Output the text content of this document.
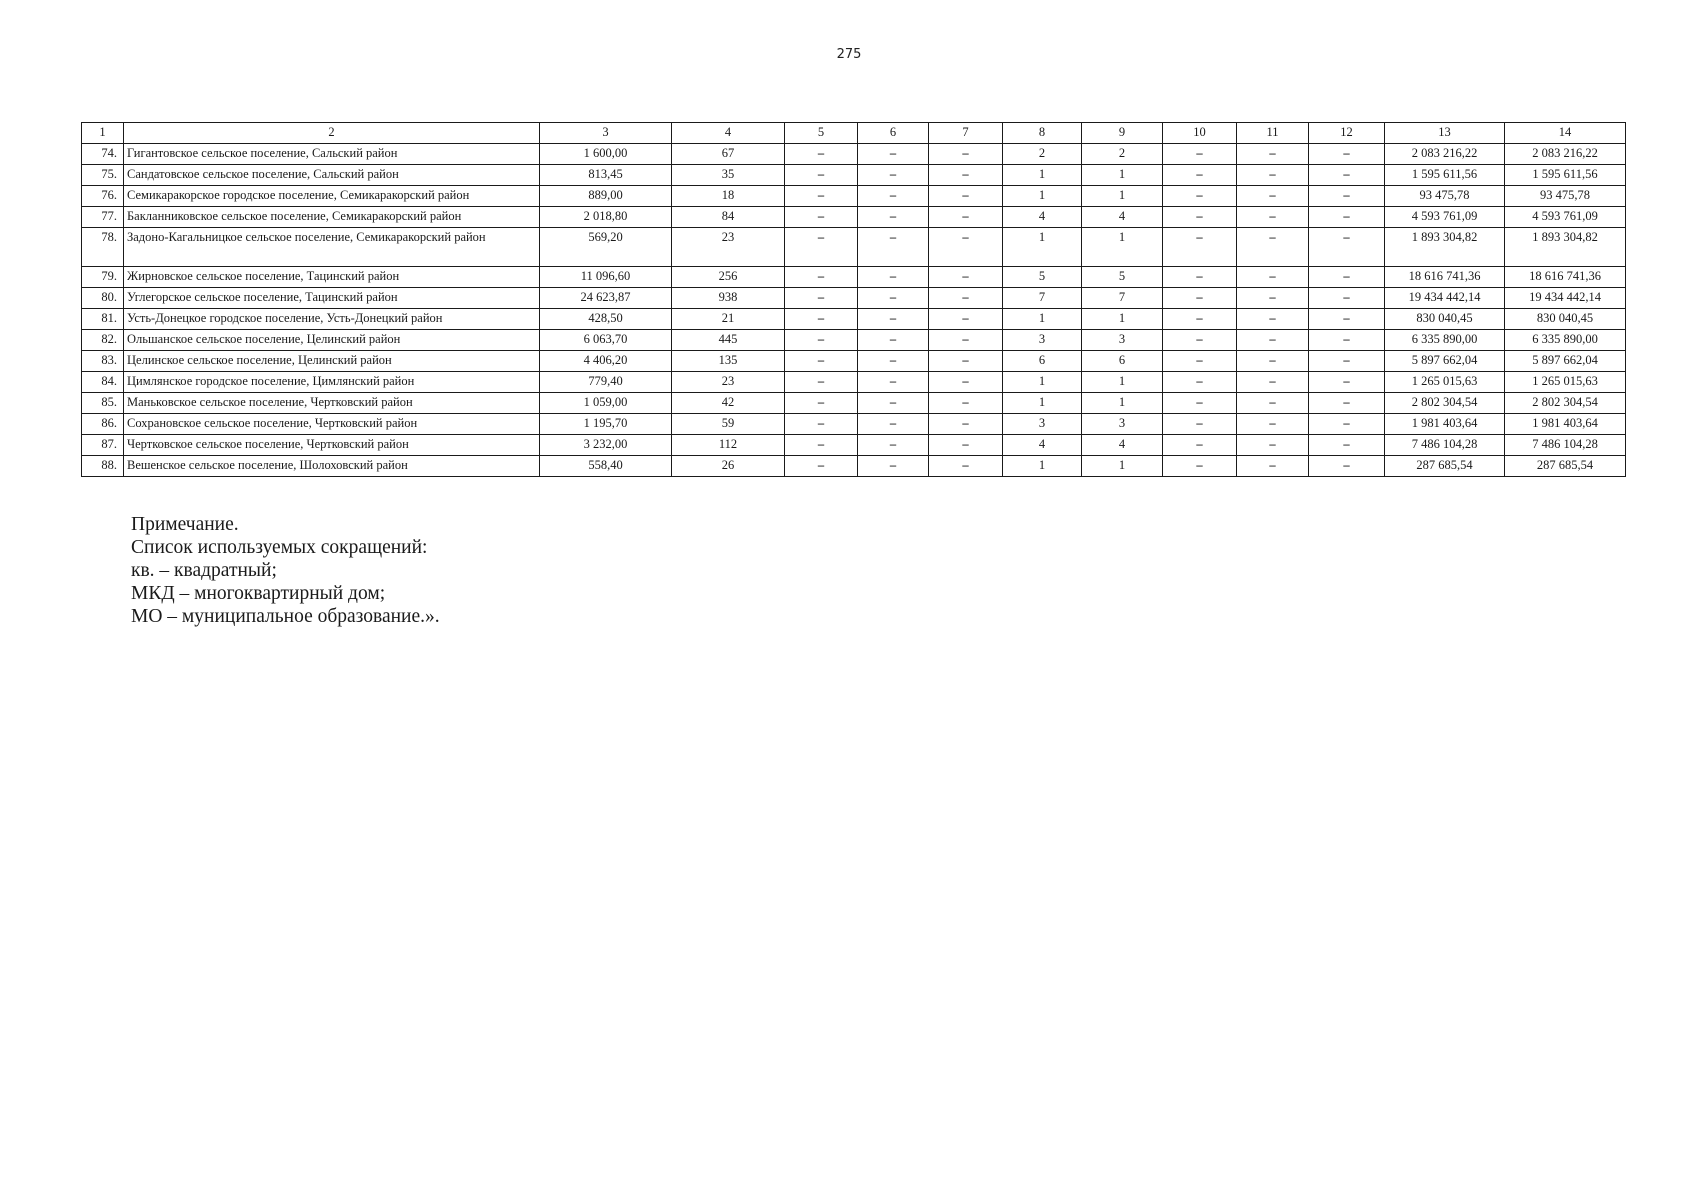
275
1	2	3	4	5	6	7	8	9	10	11	12	13	14
74.	Гигантовское сельское поселение, Сальский район	1 600,00	67	–	–	–	2	2	–	–	–	2 083 216,22	2 083 216,22
75.	Сандатовское сельское поселение, Сальский район	813,45	35	–	–	–	1	1	–	–	–	1 595 611,56	1 595 611,56
76.	Семикаракорское городское поселение, Семикаракорский район	889,00	18	–	–	–	1	1	–	–	–	93 475,78	93 475,78
77.	Бакланниковское сельское поселение, Семикаракорский район	2 018,80	84	–	–	–	4	4	–	–	–	4 593 761,09	4 593 761,09
78.	Задоно-Кагальницкое сельское поселение, Семикаракорский район	569,20	23	–	–	–	1	1	–	–	–	1 893 304,82	1 893 304,82
79.	Жирновское сельское поселение, Тацинский район	11 096,60	256	–	–	–	5	5	–	–	–	18 616 741,36	18 616 741,36
80.	Углегорское сельское поселение, Тацинский район	24 623,87	938	–	–	–	7	7	–	–	–	19 434 442,14	19 434 442,14
81.	Усть-Донецкое городское поселение, Усть-Донецкий район	428,50	21	–	–	–	1	1	–	–	–	830 040,45	830 040,45
82.	Ольшанское сельское поселение, Целинский район	6 063,70	445	–	–	–	3	3	–	–	–	6 335 890,00	6 335 890,00
83.	Целинское сельское поселение, Целинский район	4 406,20	135	–	–	–	6	6	–	–	–	5 897 662,04	5 897 662,04
84.	Цимлянское городское поселение, Цимлянский район	779,40	23	–	–	–	1	1	–	–	–	1 265 015,63	1 265 015,63
85.	Маньковское сельское поселение, Чертковский район	1 059,00	42	–	–	–	1	1	–	–	–	2 802 304,54	2 802 304,54
86.	Сохрановское сельское поселение, Чертковский район	1 195,70	59	–	–	–	3	3	–	–	–	1 981 403,64	1 981 403,64
87.	Чертковское сельское поселение, Чертковский район	3 232,00	112	–	–	–	4	4	–	–	–	7 486 104,28	7 486 104,28
88.	Вешенское сельское поселение, Шолоховский район	558,40	26	–	–	–	1	1	–	–	–	287 685,54	287 685,54
Примечание.
Список используемых сокращений:
кв. – квадратный;
МКД – многоквартирный дом;
МО – муниципальное образование.».
